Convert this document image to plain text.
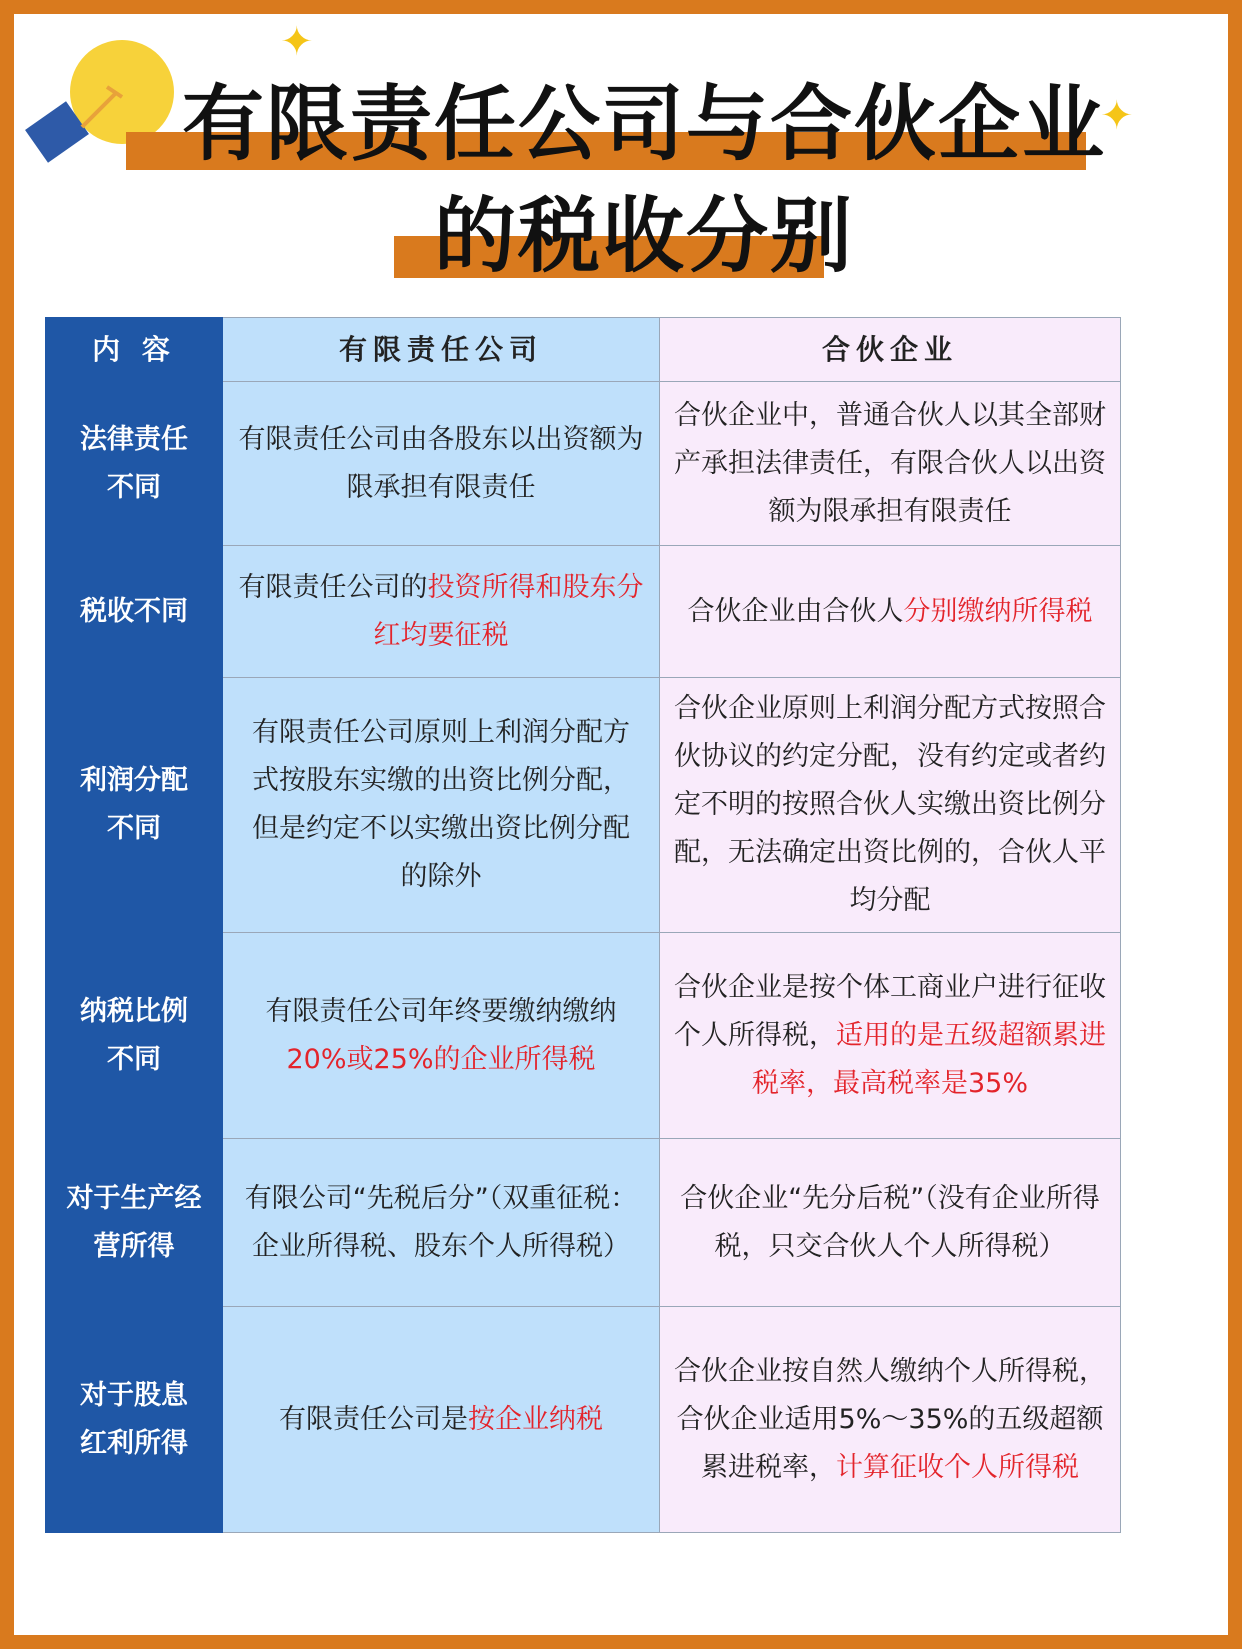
✦
✦
有限责任公司与合伙企业
的税收分别
内 容	有限责任公司	合伙企业
法律责任不同	有限责任公司由各股东以出资额为限承担有限责任	合伙企业中，普通合伙人以其全部财产承担法律责任，有限合伙人以出资额为限承担有限责任
税收不同	有限责任公司的投资所得和股东分红均要征税	合伙企业由合伙人分别缴纳所得税
利润分配不同	有限责任公司原则上利润分配方式按股东实缴的出资比例分配，但是约定不以实缴出资比例分配的除外	合伙企业原则上利润分配方式按照合伙协议的约定分配，没有约定或者约定不明的按照合伙人实缴出资比例分配，无法确定出资比例的，合伙人平均分配
纳税比例不同	有限责任公司年终要缴纳缴纳20%或25%的企业所得税	合伙企业是按个体工商业户进行征收个人所得税，适用的是五级超额累进税率，最高税率是35%
对于生产经营所得	有限公司“先税后分”（双重征税：企业所得税、股东个人所得税）	合伙企业“先分后税”（没有企业所得税，只交合伙人个人所得税）
对于股息红利所得	有限责任公司是按企业纳税	合伙企业按自然人缴纳个人所得税，合伙企业适用5%～35%的五级超额累进税率，计算征收个人所得税
